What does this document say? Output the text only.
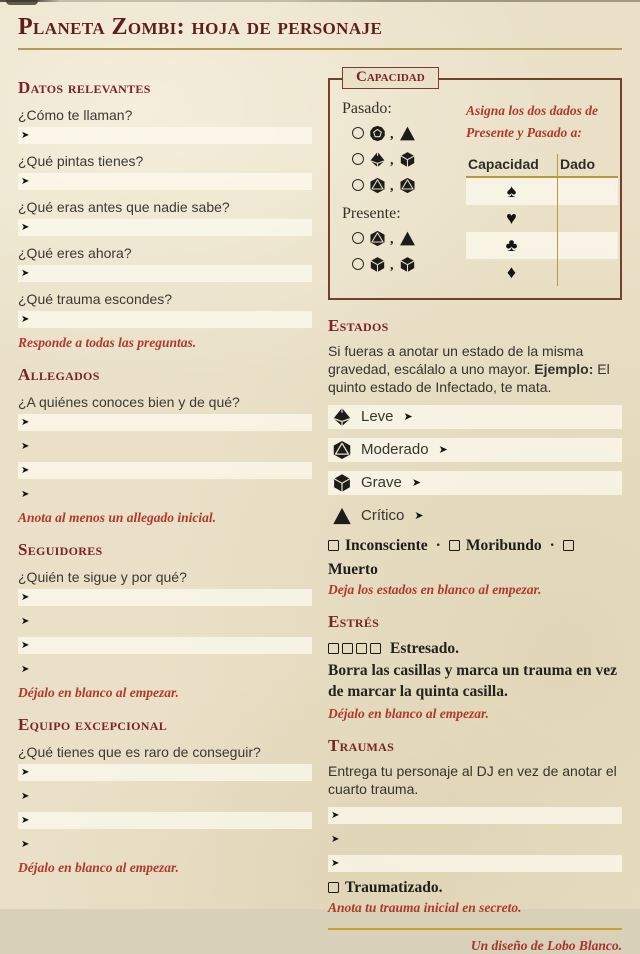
Planeta Zombi: hoja de personaje
Datos relevantes
¿Cómo te llaman?
➤
¿Qué pintas tienes?
➤
¿Qué eras antes que nadie sabe?
➤
¿Qué eres ahora?
➤
¿Qué trauma escondes?
➤

Responde a todas las preguntas.

Allegados
¿A quiénes conoces bien y de qué?
➤
➤
➤
➤

Anota al menos un allegado inicial.

Seguidores
¿Quién te sigue y por qué?
➤
➤
➤
➤

Déjalo en blanco al empezar.

Equipo excepcional
¿Qué tienes que es raro de conseguir?
➤
➤
➤
➤

Déjalo en blanco al empezar.

Capacidad
Pasado:
,
,
,
Presente:
,
,

Asigna los dos dados de Presente y Pasado a:

Capacidad	Dado
♠
♥
♣
♦
Estados

Si fueras a anotar un estado de la misma gravedad, escálalo a uno mayor. Ejemplo: El quinto estado de Infectado, te mata.

Leve ➤
Moderado ➤
Grave ➤
Crítico ➤
Inconsciente · Moribundo ·
Muerto

Deja los estados en blanco al empezar.

Estrés
Estresado.

Borra las casillas y marca un trauma en vez de marcar la quinta casilla.

Déjalo en blanco al empezar.

Traumas

Entrega tu personaje al DJ en vez de anotar el cuarto trauma.

➤
➤
➤
Traumatizado.

Anota tu trauma inicial en secreto.

Un diseño de Lobo Blanco.
